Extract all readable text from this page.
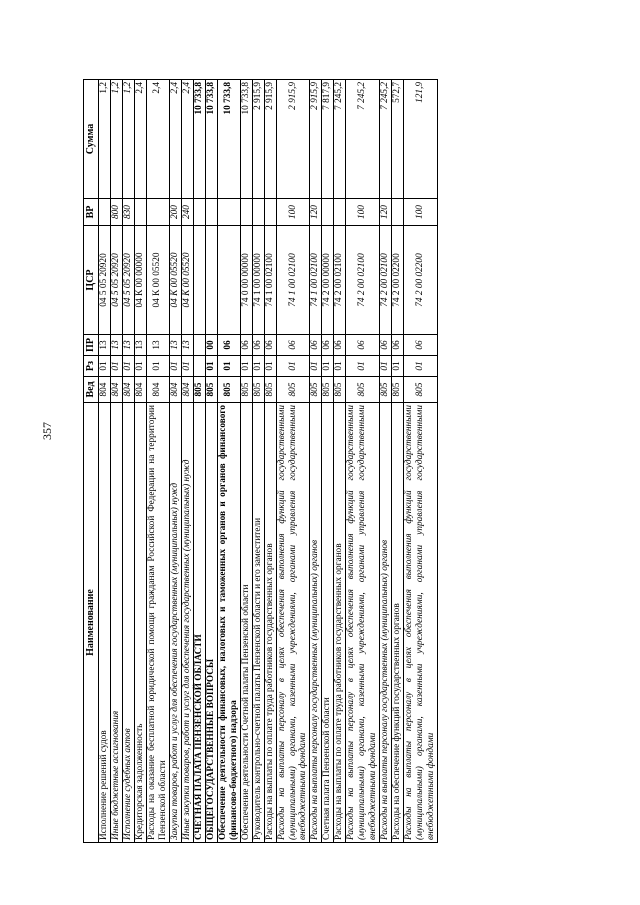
357
Наименование	Вед	Рз	ПР	ЦСР	ВР	Сумма
Исполнение решений судов	804	01	13	04 5 05 20920		1,2
Иные бюджетные ассигнования	804	01	13	04 5 05 20920	800	1,2
Исполнение судебных актов	804	01	13	04 5 05 20920	830	1,2
Кредиторская задолженность	804	01	13	04 К 00 00000		2,4
Расходы на оказание бесплатной юридической помощи гражданам Российской Федерации на территории Пензенской области	804	01	13	04 К 00 05520		2,4
Закупка товаров, работ и услуг для обеспечения государственных (муниципальных) нужд	804	01	13	04 К 00 05520	200	2,4
Иные закупки товаров, работ и услуг для обеспечения государственных (муниципальных) нужд	804	01	13	04 К 00 05520	240	2,4
СЧЕТНАЯ ПАЛАТА ПЕНЗЕНСКОЙ ОБЛАСТИ	805					10 733,8
ОБЩЕГОСУДАРСТВЕННЫЕ ВОПРОСЫ	805	01	00			10 733,8
Обеспечение деятельности финансовых, налоговых и таможенных органов и органов финансового (финансово-бюджетного) надзора	805	01	06			10 733,8
Обеспечение деятельности Счетной палаты Пензенской области	805	01	06	74 0 00 00000		10 733,8
Руководитель контрольно-счетной палаты Пензенской области и его заместители	805	01	06	74 1 00 00000		2 915,9
Расходы на выплаты по оплате труда работников государственных органов	805	01	06	74 1 00 02100		2 915,9
Расходы на выплаты персоналу в целях обеспечения выполнения функций государственными (муниципальными) органами, казенными учреждениями, органами управления государственными внебюджетными фондами	805	01	06	74 1 00 02100	100	2 915,9
Расходы на выплаты персоналу государственных (муниципальных) органов	805	01	06	74 1 00 02100	120	2 915,9
Счетная палата Пензенской области	805	01	06	74 2 00 00000		7 817,9
Расходы на выплаты по оплате труда работников государственных органов	805	01	06	74 2 00 02100		7 245,2
Расходы на выплаты персоналу в целях обеспечения выполнения функций государственными (муниципальными) органами, казенными учреждениями, органами управления государственными внебюджетными фондами	805	01	06	74 2 00 02100	100	7 245,2
Расходы на выплаты персоналу государственных (муниципальных) органов	805	01	06	74 2 00 02100	120	7 245,2
Расходы на обеспечение функций государственных органов	805	01	06	74 2 00 02200		572,7
Расходы на выплаты персоналу в целях обеспечения выполнения функций государственными (муниципальными) органами, казенными учреждениями, органами управления государственными внебюджетными фондами	805	01	06	74 2 00 02200	100	121,9
